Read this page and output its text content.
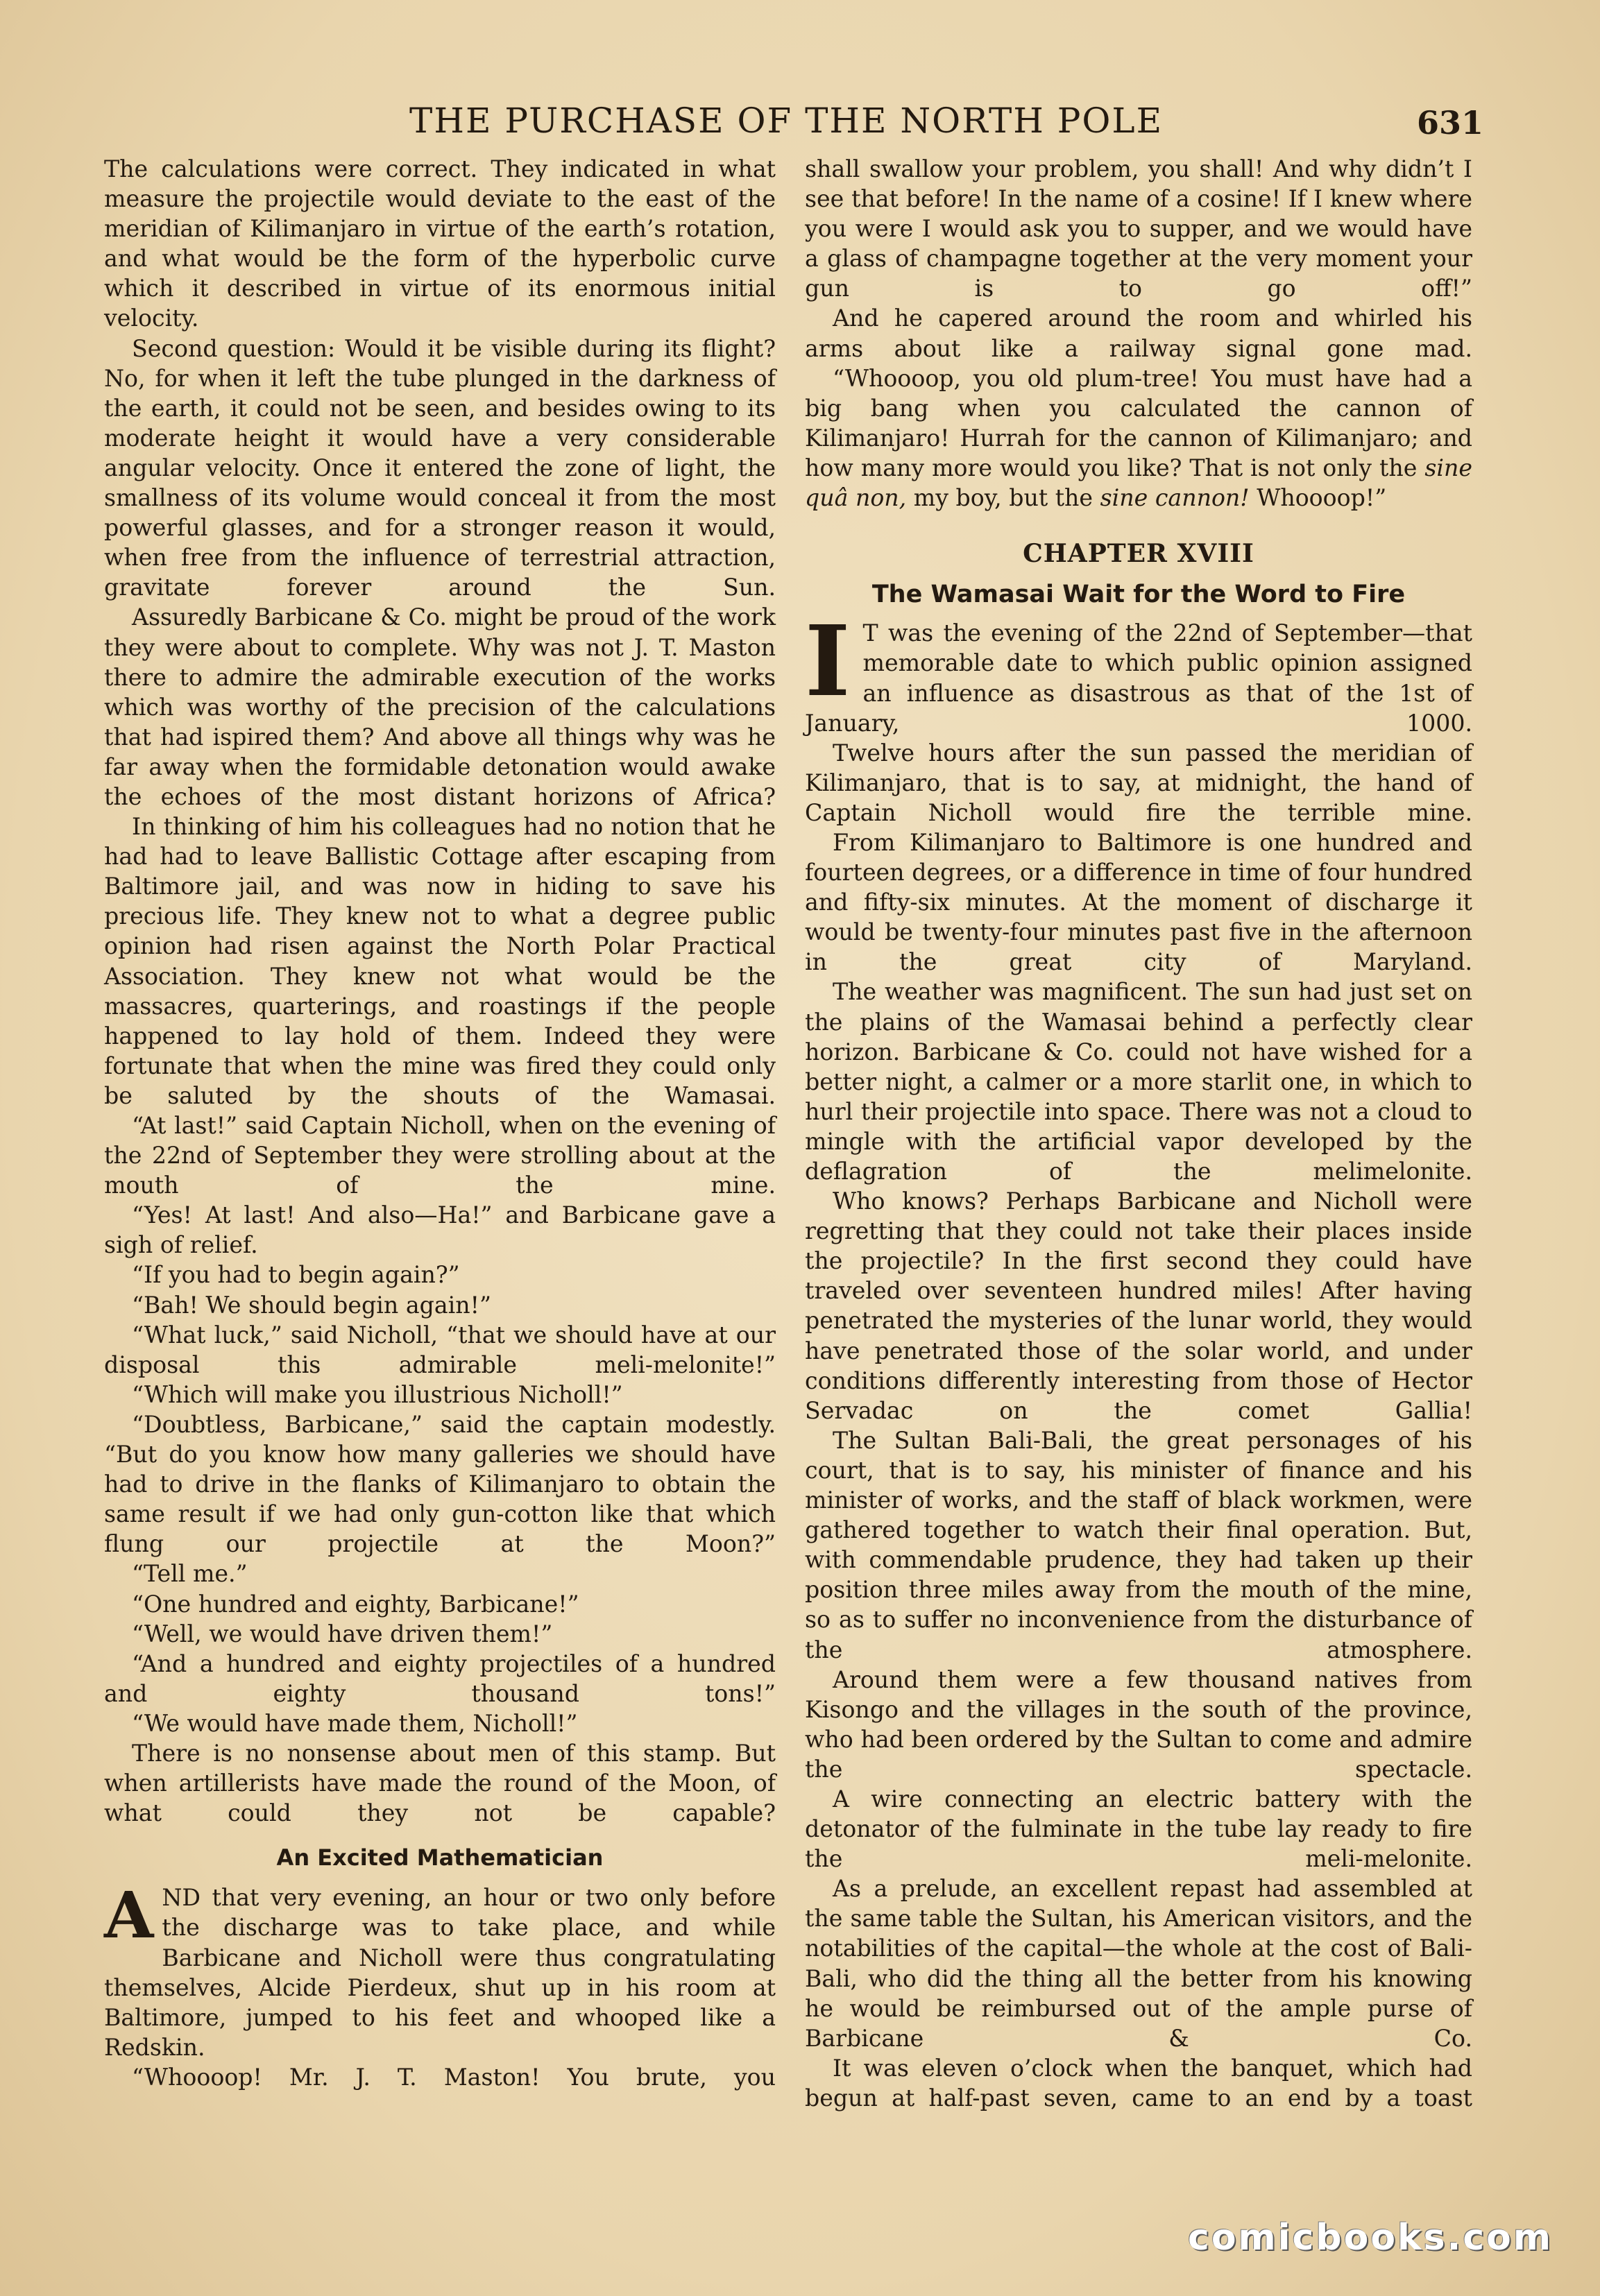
THE PURCHASE OF THE NORTH POLE	631

The calculations were correct. They indicated in what measure the projectile would deviate to the east of the meridian of Kilimanjaro in virtue of the earth’s rotation, and what would be the form of the hyperbolic curve which it described in virtue of its enormous initial velocity.

Second question: Would it be visible during its flight? No, for when it left the tube plunged in the darkness of the earth, it could not be seen, and besides owing to its moderate height it would have a very considerable angular velocity. Once it entered the zone of light, the smallness of its volume would conceal it from the most powerful glasses, and for a stronger reason it would, when free from the influence of terrestrial attraction, gravitate forever around the Sun.

Assuredly Barbicane & Co. might be proud of the work they were about to complete. Why was not J. T. Maston there to admire the admirable execution of the works which was worthy of the precision of the calculations that had ispired them? And above all things why was he far away when the formidable detonation would awake the echoes of the most distant horizons of Africa?

In thinking of him his colleagues had no notion that he had had to leave Ballistic Cottage after escaping from Baltimore jail, and was now in hiding to save his precious life. They knew not to what a degree public opinion had risen against the North Polar Practical Association. They knew not what would be the massacres, quarterings, and roastings if the people happened to lay hold of them. Indeed they were fortunate that when the mine was fired they could only be saluted by the shouts of the Wamasai.

“At last!” said Captain Nicholl, when on the evening of the 22nd of September they were strolling about at the mouth of the mine.

“Yes! At last! And also—Ha!” and Barbicane gave a sigh of relief.

“If you had to begin again?”

“Bah! We should begin again!”

“What luck,” said Nicholl, “that we should have at our disposal this admirable meli-melonite!”

“Which will make you illustrious Nicholl!”

“Doubtless, Barbicane,” said the captain modestly. “But do you know how many galleries we should have had to drive in the flanks of Kilimanjaro to obtain the same result if we had only gun-cotton like that which flung our projectile at the Moon?”

“Tell me.”

“One hundred and eighty, Barbicane!”

“Well, we would have driven them!”

“And a hundred and eighty projectiles of a hundred and eighty thousand tons!”

“We would have made them, Nicholl!”

There is no nonsense about men of this stamp. But when artillerists have made the round of the Moon, of what could they not be capable?

An Excited Mathematician

AND that very evening, an hour or two only before the discharge was to take place, and while Barbicane and Nicholl were thus congratulating themselves, Alcide Pierdeux, shut up in his room at Baltimore, jumped to his feet and whooped like a Redskin.

“Whoooop! Mr. J. T. Maston! You brute, you

shall swallow your problem, you shall! And why didn’t I see that before! In the name of a cosine! If I knew where you were I would ask you to supper, and we would have a glass of champagne together at the very moment your gun is to go off!”

And he capered around the room and whirled his arms about like a railway signal gone mad.

“Whoooop, you old plum-tree! You must have had a big bang when you calculated the cannon of Kilimanjaro! Hurrah for the cannon of Kilimanjaro; and how many more would you like? That is not only the sine quâ non, my boy, but the sine cannon! Whoooop!”

CHAPTER XVIII
The Wamasai Wait for the Word to Fire

I T was the evening of the 22nd of September—that memorable date to which public opinion assigned an influence as disastrous as that of the 1st of January, 1000.

Twelve hours after the sun passed the meridian of Kilimanjaro, that is to say, at midnight, the hand of Captain Nicholl would fire the terrible mine.

From Kilimanjaro to Baltimore is one hundred and fourteen degrees, or a difference in time of four hundred and fifty-six minutes. At the moment of discharge it would be twenty-four minutes past five in the afternoon in the great city of Maryland.

The weather was magnificent. The sun had just set on the plains of the Wamasai behind a perfectly clear horizon. Barbicane & Co. could not have wished for a better night, a calmer or a more starlit one, in which to hurl their projectile into space. There was not a cloud to mingle with the artificial vapor developed by the deflagration of the melimelonite.

Who knows? Perhaps Barbicane and Nicholl were regretting that they could not take their places inside the projectile? In the first second they could have traveled over seventeen hundred miles! After having penetrated the mysteries of the lunar world, they would have penetrated those of the solar world, and under conditions differently interesting from those of Hector Servadac on the comet Gallia!

The Sultan Bali-Bali, the great personages of his court, that is to say, his minister of finance and his minister of works, and the staff of black workmen, were gathered together to watch their final operation. But, with commendable prudence, they had taken up their position three miles away from the mouth of the mine, so as to suffer no inconvenience from the disturbance of the atmosphere.

Around them were a few thousand natives from Kisongo and the villages in the south of the province, who had been ordered by the Sultan to come and admire the spectacle.

A wire connecting an electric battery with the detonator of the fulminate in the tube lay ready to fire the meli-melonite.

As a prelude, an excellent repast had assembled at the same table the Sultan, his American visitors, and the notabilities of the capital—the whole at the cost of Bali-Bali, who did the thing all the better from his knowing he would be reimbursed out of the ample purse of Barbicane & Co.

It was eleven o’clock when the banquet, which had begun at half-past seven, came to an end by a toast

comicbooks.com
